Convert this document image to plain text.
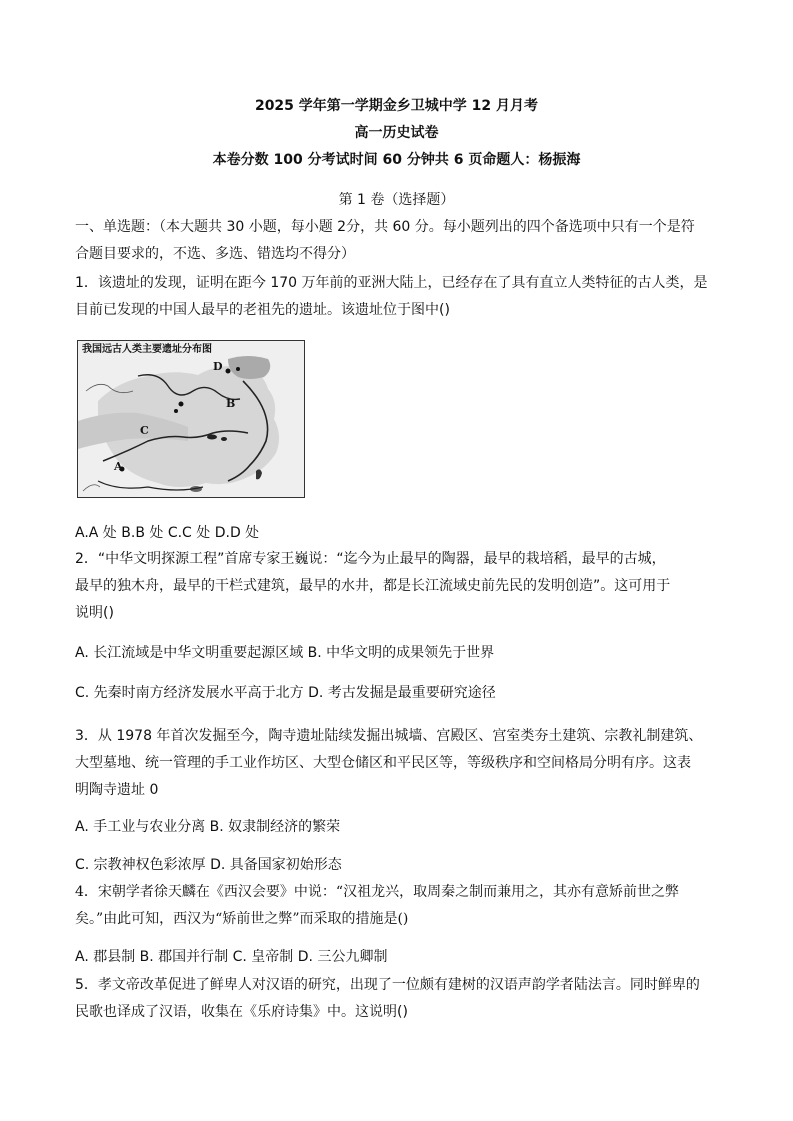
2025 学年第一学期金乡卫城中学 12 月月考
高一历史试卷
本卷分数 100 分考试时间 60 分钟共 6 页命题人：杨振海
第 1 卷（选择题）
一、单选题：（本大题共 30 小题，每小题 2分，共 60 分。每小题列出的四个备选项中只有一个是符
合题目要求的，不选、多选、错选均不得分）
1．该遗址的发现，证明在距今 170 万年前的亚洲大陆上，已经存在了具有直立人类特征的古人类，是
目前已发现的中国人最早的老祖先的遗址。该遗址位于图中()
我国远古人类主要遗址分布图
D
B
C
A
A.A 处 B.B 处 C.C 处 D.D 处
2．“中华文明探源工程”首席专家王巍说：“迄今为止最早的陶器，最早的栽培稻，最早的古城，
最早的独木舟，最早的干栏式建筑，最早的水井，都是长江流域史前先民的发明创造”。这可用于
说明()
A. 长江流域是中华文明重要起源区域 B. 中华文明的成果领先于世界
C. 先秦时南方经济发展水平高于北方 D. 考古发掘是最重要研究途径
3．从 1978 年首次发掘至今，陶寺遗址陆续发掘出城墙、宫殿区、宫室类夯土建筑、宗教礼制建筑、
大型墓地、统一管理的手工业作坊区、大型仓储区和平民区等，等级秩序和空间格局分明有序。这表
明陶寺遗址 0
A. 手工业与农业分离 B. 奴隶制经济的繁荣
C. 宗教神权色彩浓厚 D. 具备国家初始形态
4．宋朝学者徐天麟在《西汉会要》中说：“汉祖龙兴，取周秦之制而兼用之，其亦有意矫前世之弊
矣。”由此可知，西汉为“矫前世之弊”而采取的措施是()
A. 郡县制 B. 郡国并行制 C. 皇帝制 D. 三公九卿制
5．孝文帝改革促进了鲜卑人对汉语的研究，出现了一位颇有建树的汉语声韵学者陆法言。同时鲜卑的
民歌也译成了汉语，收集在《乐府诗集》中。这说明()
